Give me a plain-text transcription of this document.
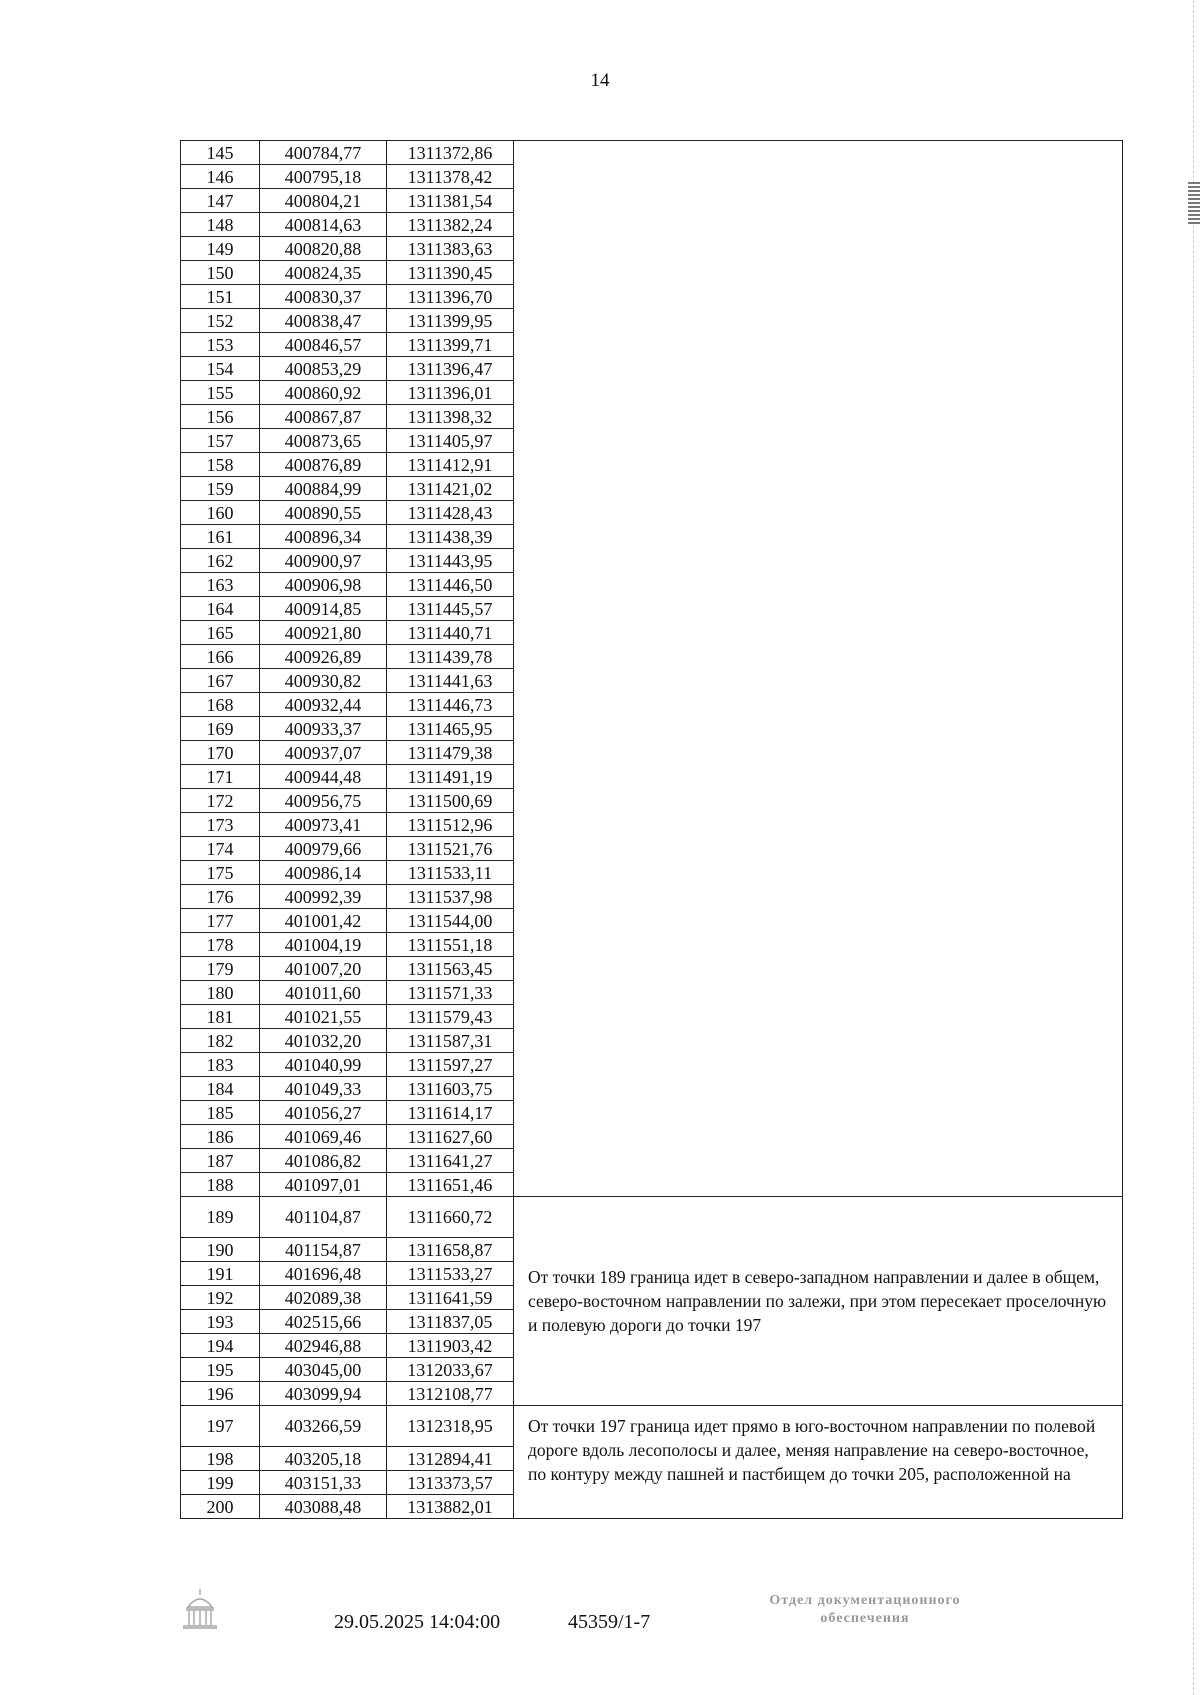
14
145	400784,77	1311372,86	
146	400795,18	1311378,42	
147	400804,21	1311381,54	
148	400814,63	1311382,24	
149	400820,88	1311383,63	
150	400824,35	1311390,45	
151	400830,37	1311396,70	
152	400838,47	1311399,95	
153	400846,57	1311399,71	
154	400853,29	1311396,47	
155	400860,92	1311396,01	
156	400867,87	1311398,32	
157	400873,65	1311405,97	
158	400876,89	1311412,91	
159	400884,99	1311421,02	
160	400890,55	1311428,43	
161	400896,34	1311438,39	
162	400900,97	1311443,95	
163	400906,98	1311446,50	
164	400914,85	1311445,57	
165	400921,80	1311440,71	
166	400926,89	1311439,78	
167	400930,82	1311441,63	
168	400932,44	1311446,73	
169	400933,37	1311465,95	
170	400937,07	1311479,38	
171	400944,48	1311491,19	
172	400956,75	1311500,69	
173	400973,41	1311512,96	
174	400979,66	1311521,76	
175	400986,14	1311533,11	
176	400992,39	1311537,98	
177	401001,42	1311544,00	
178	401004,19	1311551,18	
179	401007,20	1311563,45	
180	401011,60	1311571,33	
181	401021,55	1311579,43	
182	401032,20	1311587,31	
183	401040,99	1311597,27	
184	401049,33	1311603,75	
185	401056,27	1311614,17	
186	401069,46	1311627,60	
187	401086,82	1311641,27	
188	401097,01	1311651,46	
189	401104,87	1311660,72	От точки 189 граница идет в северо-западном направлении и далее в общем, северо-восточном направлении по залежи, при этом пересекает проселочную и полевую дороги до точки 197
190	401154,87	1311658,87	
191	401696,48	1311533,27	
192	402089,38	1311641,59	
193	402515,66	1311837,05	
194	402946,88	1311903,42	
195	403045,00	1312033,67	
196	403099,94	1312108,77	
197	403266,59	1312318,95	От точки 197 граница идет прямо в юго-восточном направлении по полевой дороге вдоль лесополосы и далее, меняя направление на северо-восточное, по контуру между пашней и пастбищем до точки 205, расположенной на
198	403205,18	1312894,41	
199	403151,33	1313373,57	
200	403088,48	1313882,01	
29.05.2025 14:04:00	45359/1-7
Отдел документационного
обеспечения
